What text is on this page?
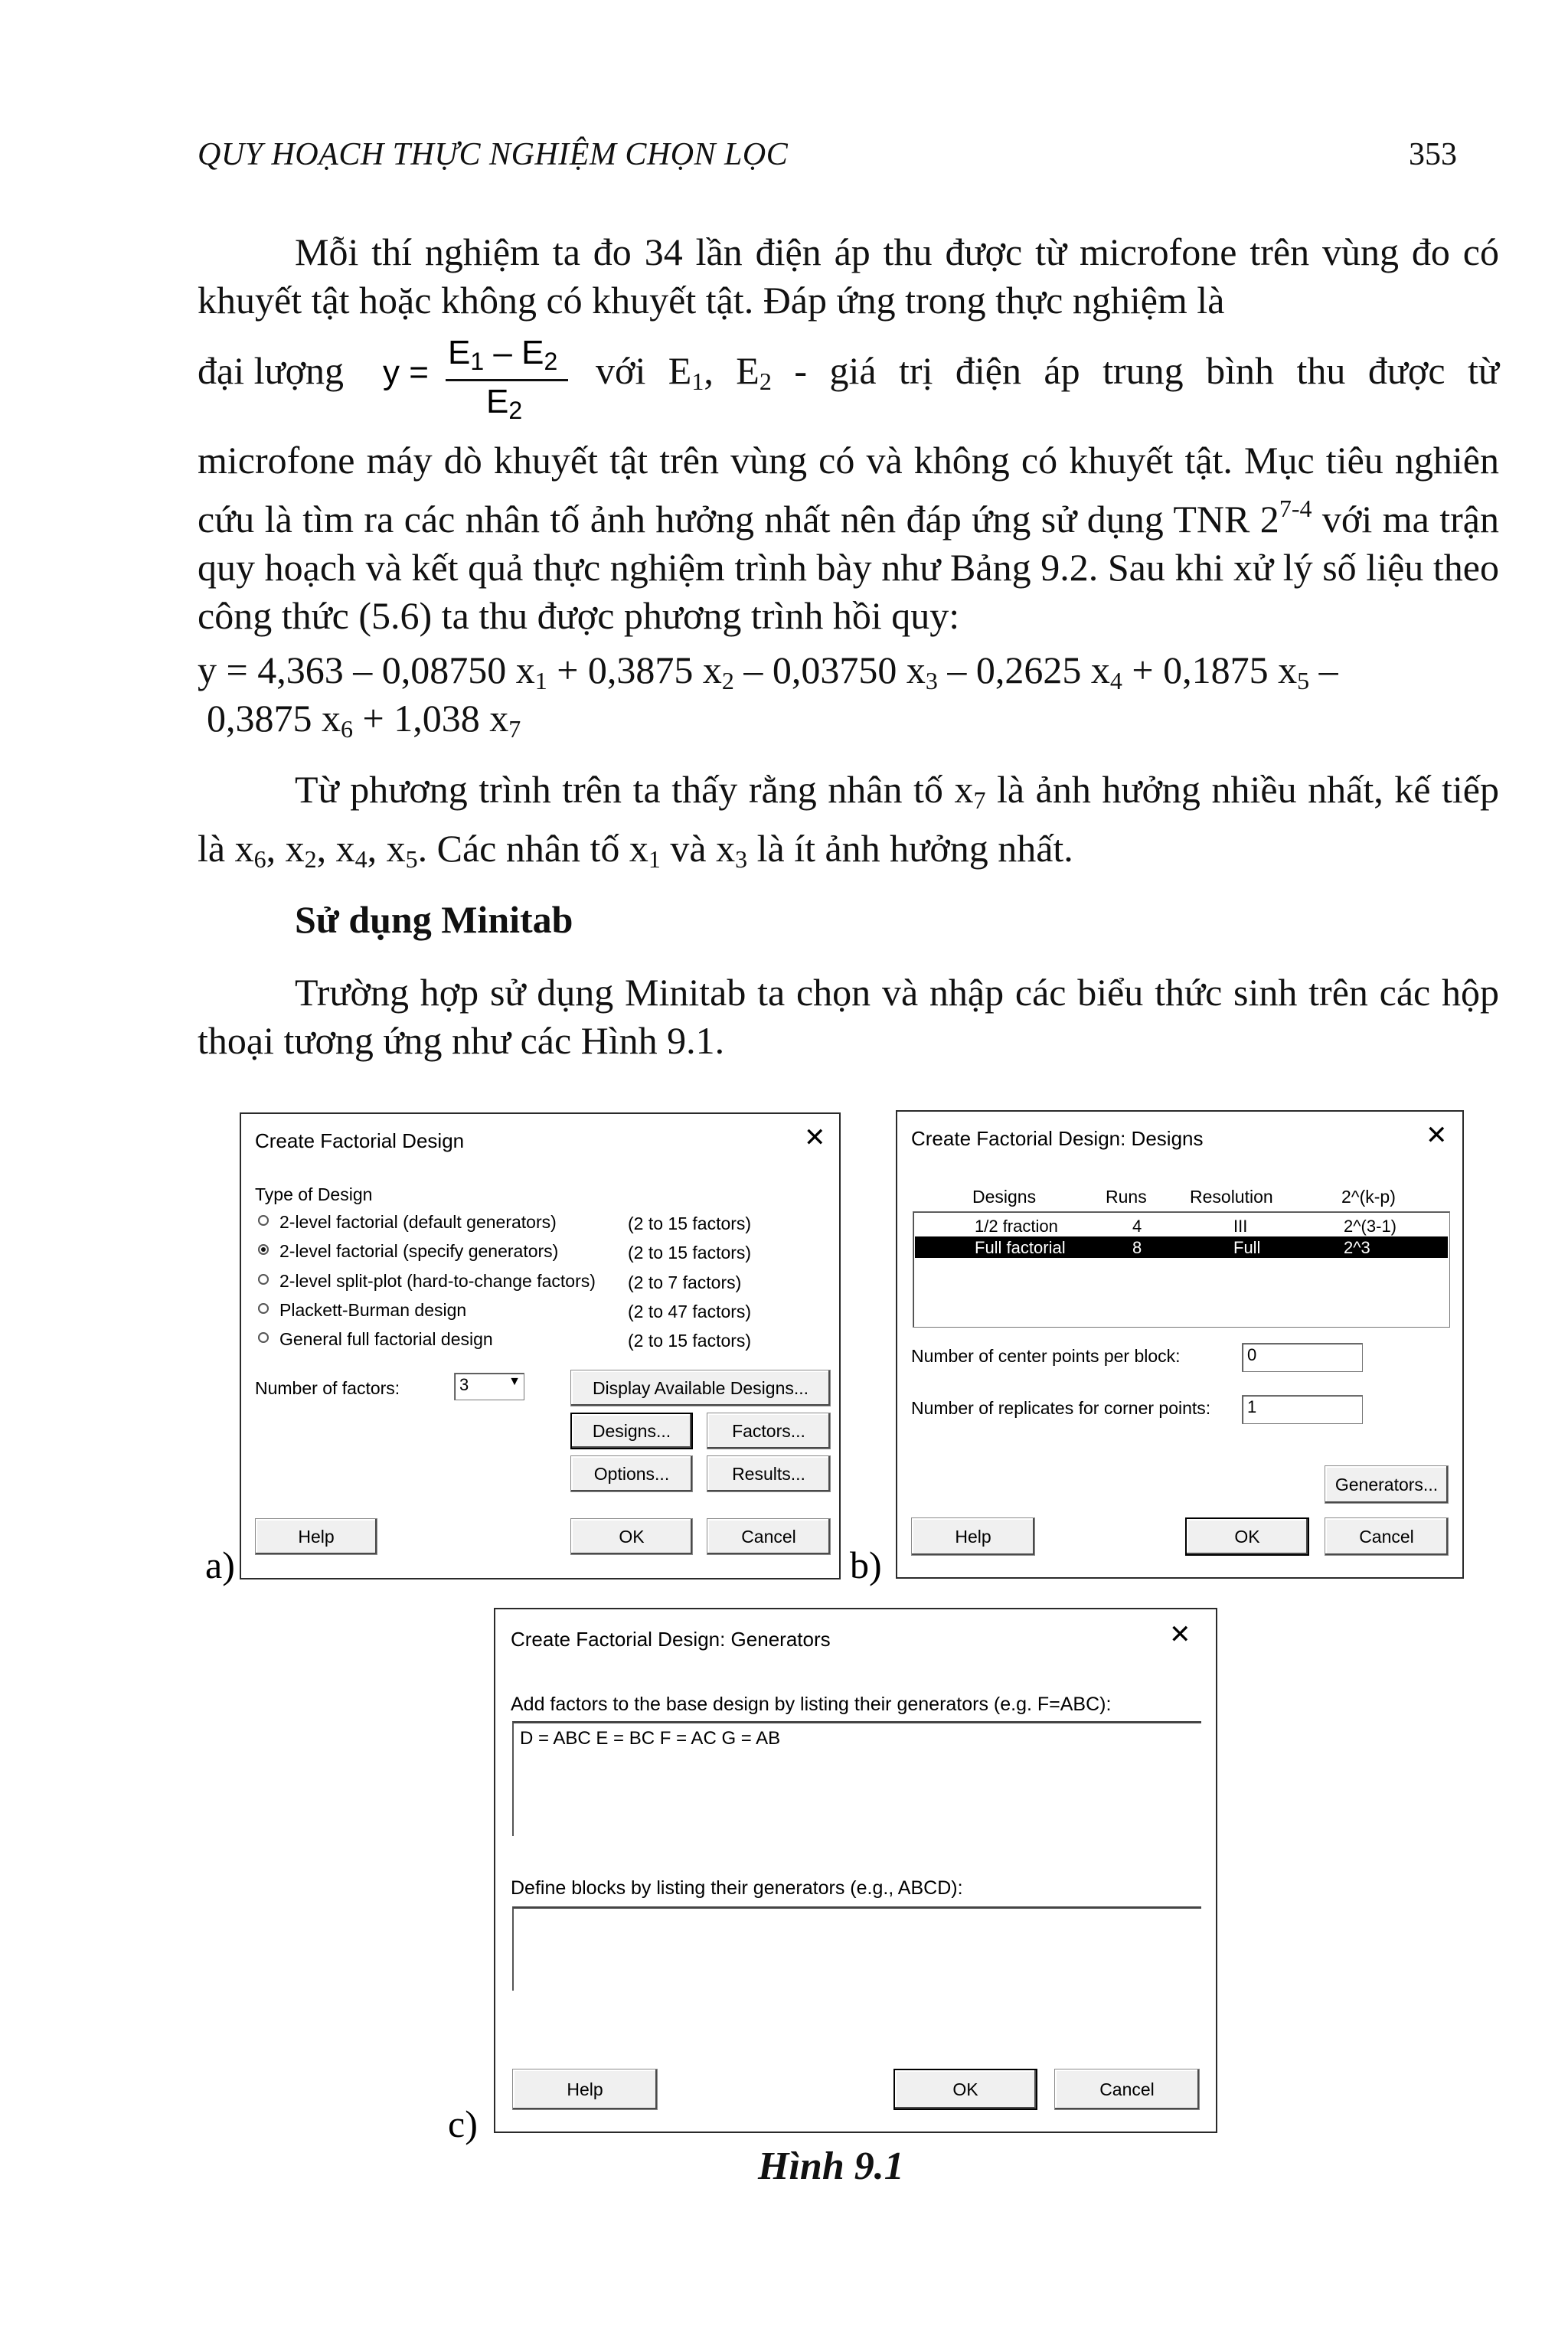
QUY HOẠCH THỰC NGHIỆM CHỌN LỌC	353

Mỗi thí nghiệm ta đo 34 lần điện áp thu được từ microfone trên vùng đo có khuyết tật hoặc không có khuyết tật. Đáp ứng trong thực nghiệm là

đại lượng y =
$E_1 - E_2$
$E_2$
với $E_1$, $E_2$ - giá trị điện áp trung bình thu được từ

microfone máy dò khuyết tật trên vùng có và không có khuyết tật. Mục tiêu nghiên cứu là tìm ra các nhân tố ảnh hưởng nhất nên đáp ứng sử dụng TNR 2$^{7-4}$ với ma trận quy hoạch và kết quả thực nghiệm trình bày như Bảng 9.2. Sau khi xử lý số liệu theo công thức (5.6) ta thu được phương trình hồi quy:

y = 4,363 – 0,08750 $x_1 + 0,3875$ $x_2 - 0,03750$ $x_3 - 0,2625$ $x_4 + 0,1875$ $x_5$ –
0,3875 $x_6 + 1,038$ $x_7$

Từ phương trình trên ta thấy rằng nhân tố $x_7$ là ảnh hưởng nhiều nhất, kế tiếp là $x_6$, $x_2$, $x_4$, $x_5$. Các nhân tố $x_1$ và $x_3$ là ít ảnh hưởng nhất.

Sử dụng Minitab

Trường hợp sử dụng Minitab ta chọn và nhập các biểu thức sinh trên các hộp thoại tương ứng như các Hình 9.1.

a)
Create Factorial Design	✕
Type of Design
2-level factorial (default generators)	(2 to 15 factors)
2-level factorial (specify generators)	(2 to 15 factors)
2-level split-plot (hard-to-change factors) (2 to 7 factors)
Plackett-Burman design	(2 to 47 factors)
General full factorial design	(2 to 15 factors)
Number of factors:	3	▼	Display Available Designs...
Designs...	Factors...
Options...	Results...
Help	OK	Cancel
b)
Create Factorial Design: Designs	✕
Designs	Runs Resolution	2^(k-p)
1/2 fraction	4	III	2^(3-1)
Full factorial	8	Full	2^3
Number of center points per block:	0
Number of replicates for corner points:	1
Generators...
Help	OK	Cancel
c)
Create Factorial Design: Generators	✕
Add factors to the base design by listing their generators (e.g. F=ABC):
D = ABC E = BC F = AC G = AB
Define blocks by listing their generators (e.g., ABCD):
Help	OK	Cancel
Hình 9.1
